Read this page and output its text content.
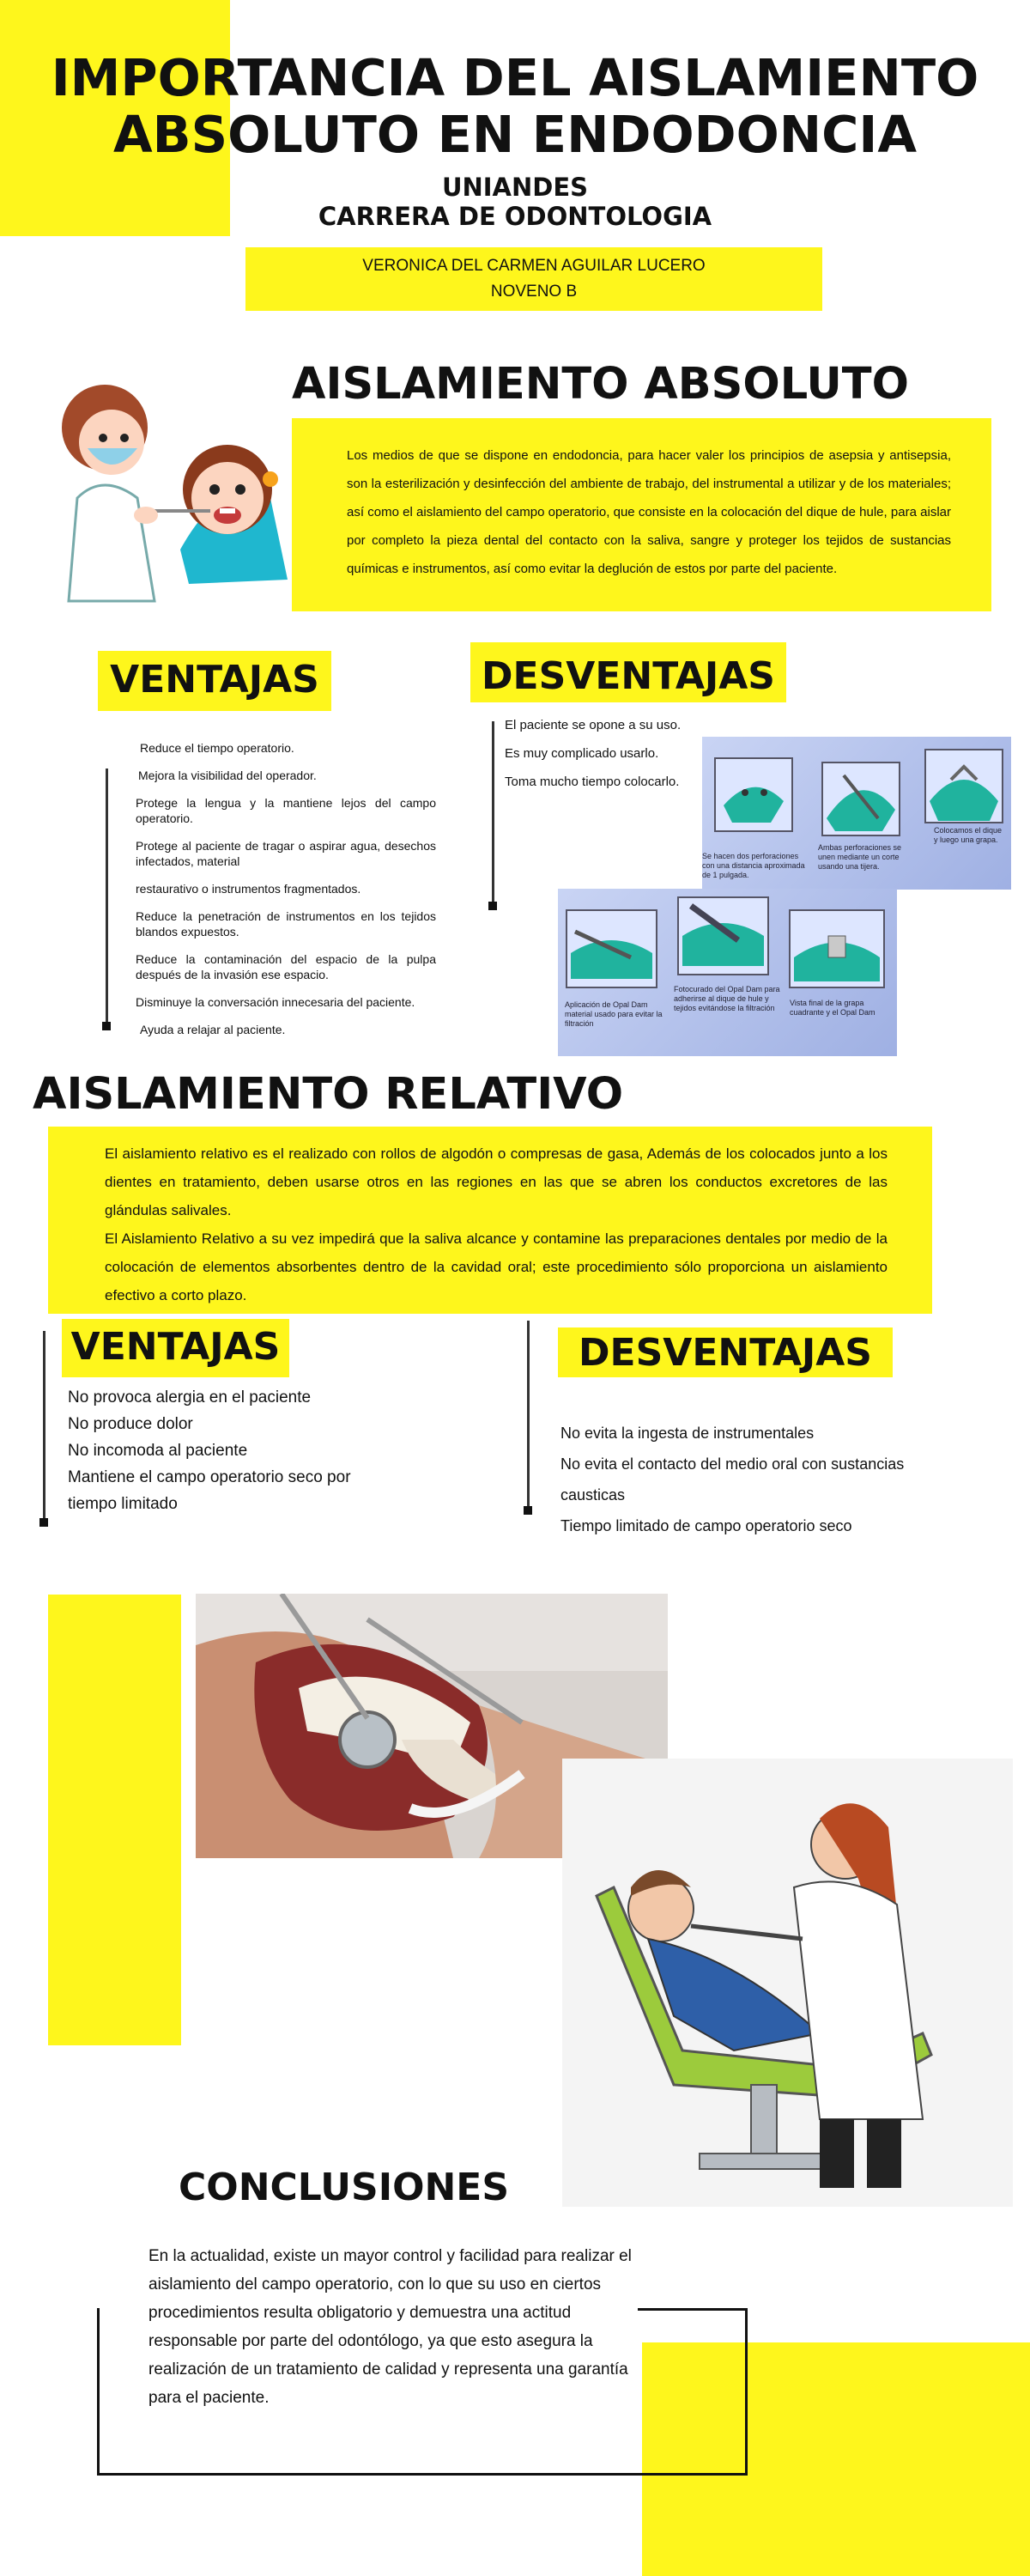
IMPORTANCIA DEL AISLAMIENTO
ABSOLUTO EN ENDODONCIA
UNIANDES
CARRERA DE ODONTOLOGIA
VERONICA DEL CARMEN AGUILAR LUCERO
NOVENO B
AISLAMIENTO ABSOLUTO
Los medios de que se dispone en endodoncia, para hacer valer los principios de asepsia y antisepsia, son la esterilización y desinfección del ambiente de trabajo, del instrumental a utilizar y de los materiales; así como el aislamiento del campo operatorio, que consiste en la colocación del dique de hule, para aislar por completo la pieza dental del contacto con la saliva, sangre y proteger los tejidos de sustancias químicas e instrumentos, así como evitar la deglución de estos por parte del paciente.
VENTAJAS
Reduce el tiempo operatorio.
Mejora la visibilidad del operador.
Protege la lengua y la mantiene lejos del campo operatorio.
Protege al paciente de tragar o aspirar agua, desechos infectados, material
restaurativo o instrumentos fragmentados.
Reduce la penetración de instrumentos en los tejidos blandos expuestos.
Reduce la contaminación del espacio de la pulpa después de la invasión ese espacio.
Disminuye la conversación innecesaria del paciente.
Ayuda a relajar al paciente.
DESVENTAJAS
El paciente se opone a su uso.
Es muy complicado usarlo.
Toma mucho tiempo colocarlo.
Se hacen dos perforaciones con una distancia aproximada de 1 pulgada.
Ambas perforaciones se unen mediante un corte usando una tijera.
Colocamos el dique y luego una grapa.
Aplicación de Opal Dam material usado para evitar la filtración
Fotocurado del Opal Dam para adherirse al dique de hule y tejidos evitándose la filtración
Vista final de la grapa cuadrante y el Opal Dam
AISLAMIENTO RELATIVO
El aislamiento relativo es el realizado con rollos de algodón o compresas de gasa, Además de los colocados junto a los dientes en tratamiento, deben usarse otros en las regiones en las que se abren los conductos excretores de las glándulas salivales.
El Aislamiento Relativo a su vez impedirá que la saliva alcance y contamine las preparaciones dentales por medio de la colocación de elementos absorbentes dentro de la cavidad oral; este procedimiento sólo proporciona un aislamiento efectivo a corto plazo.
VENTAJAS
No provoca alergia en el paciente
No produce dolor
No incomoda al paciente
Mantiene el campo operatorio seco por tiempo limitado
DESVENTAJAS
No evita la ingesta de instrumentales
No evita el contacto del medio oral con sustancias causticas
Tiempo limitado de campo operatorio seco
CONCLUSIONES
En la actualidad, existe un mayor control y facilidad para realizar el aislamiento del campo operatorio, con lo que su uso en ciertos procedimientos resulta obligatorio y demuestra una actitud responsable por parte del odontólogo, ya que esto asegura la realización de un tratamiento de calidad y representa una garantía para el paciente.
